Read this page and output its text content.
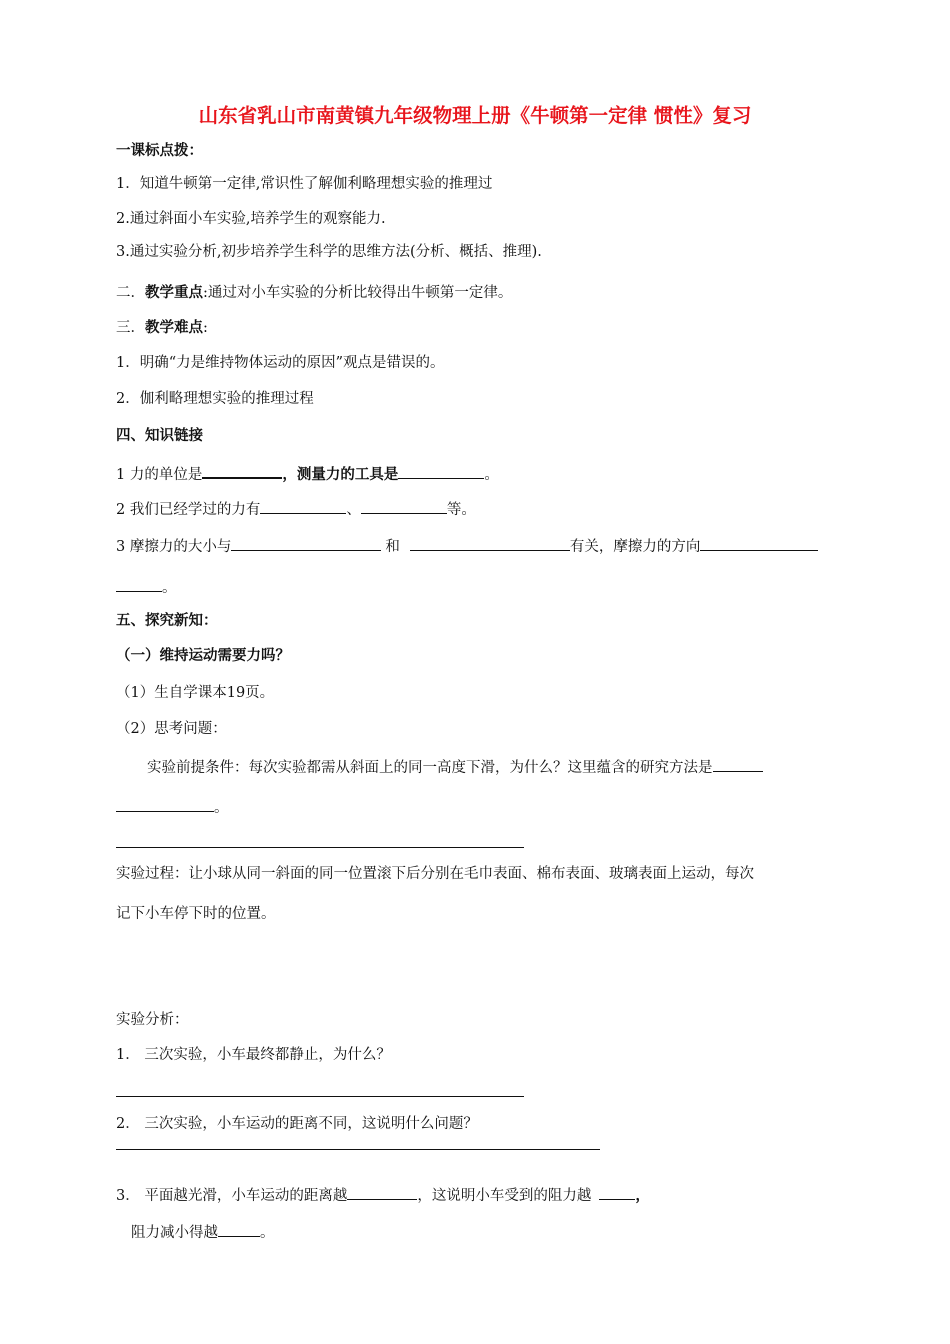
山东省乳山市南黄镇九年级物理上册《牛顿第一定律 惯性》复习
一课标点拨：
1．知道牛顿第一定律,常识性了解伽利略理想实验的推理过
2.通过斜面小车实验,培养学生的观察能力.
3.通过实验分析,初步培养学生科学的思维方法(分析、概括、推理).
二．教学重点:通过对小车实验的分析比较得出牛顿第一定律。
三．教学难点:
1．明确“力是维持物体运动的原因”观点是错误的。
2．伽利略理想实验的推理过程
四、知识链接
1 力的单位是	，测量力的工具是	。
2 我们已经学过的力有	、	等。
3 摩擦力的大小与	和	有关，摩擦力的方向
。
五、探究新知：
（一）维持运动需要力吗？
（1）生自学课本19页。
（2）思考问题：
实验前提条件：每次实验都需从斜面上的同一高度下滑，为什么？这里蕴含的研究方法是
。
实验过程：让小球从同一斜面的同一位置滚下后分别在毛巾表面、棉布表面、玻璃表面上运动，每次
记下小车停下时的位置。
实验分析：
1． 三次实验，小车最终都静止，为什么？
2． 三次实验，小车运动的距离不同，这说明什么问题？
3． 平面越光滑，小车运动的距离越	，这说明小车受到的阻力越	，
阻力减小得越	。
